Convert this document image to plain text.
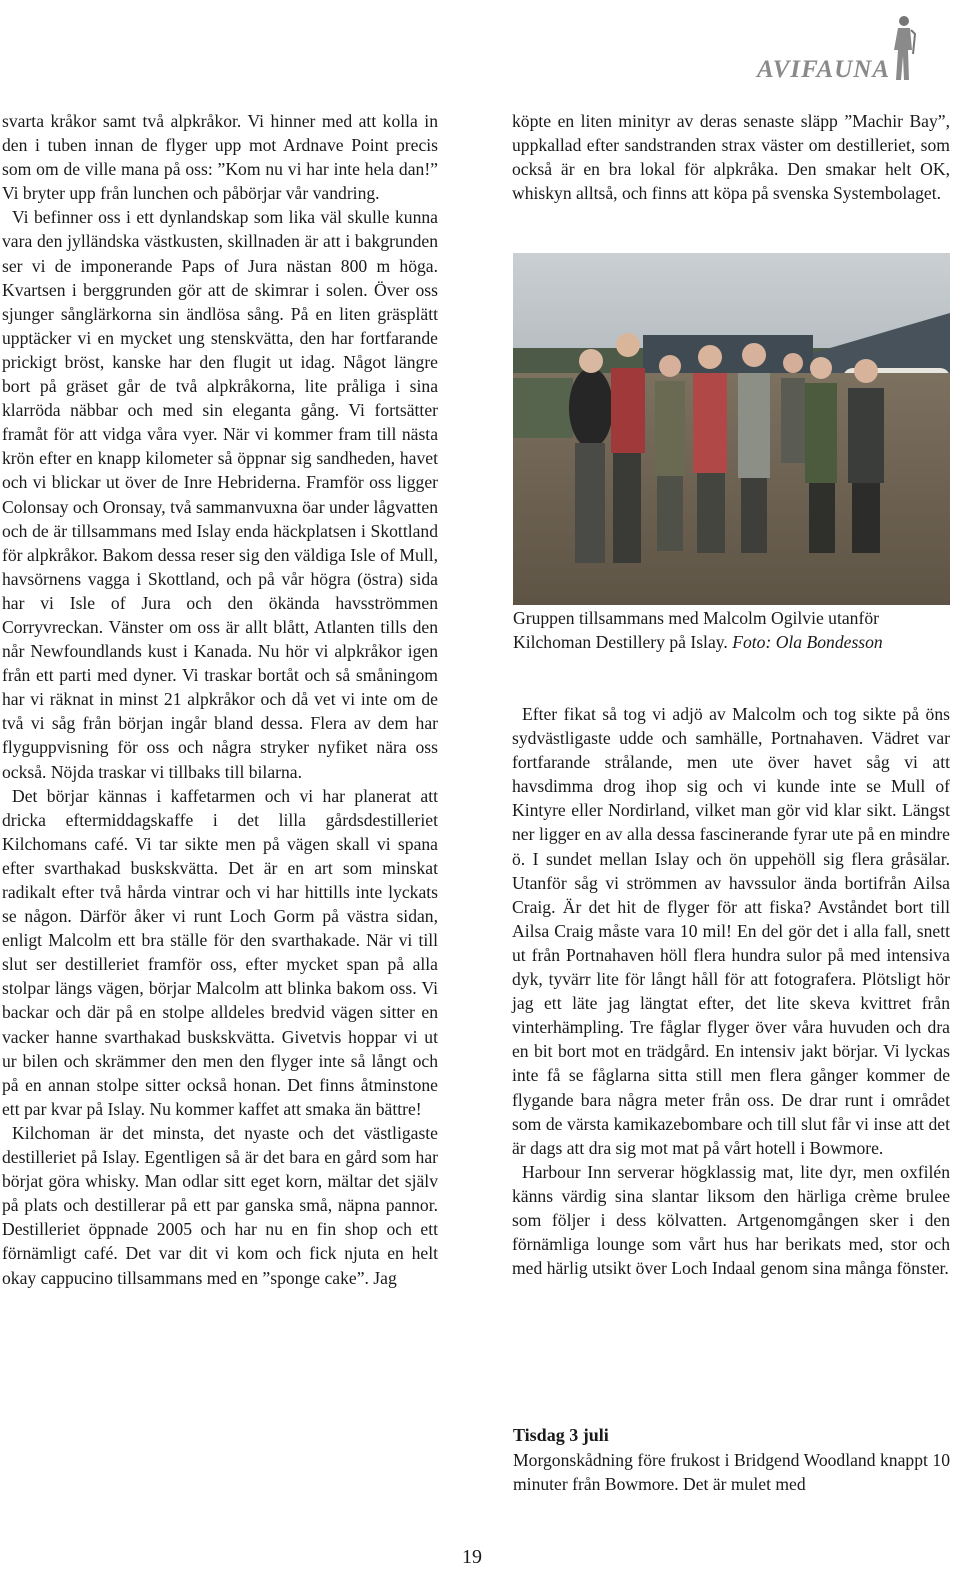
AVIFAUNA

svarta kråkor samt två alpkråkor. Vi hinner med att kolla in den i tuben innan de flyger upp mot Ardnave Point precis som om de ville mana på oss: ”Kom nu vi har inte hela dan!” Vi bryter upp från lunchen och påbörjar vår vandring.

Vi befinner oss i ett dynlandskap som lika väl skulle kunna vara den jylländska västkusten, skillnaden är att i bakgrunden ser vi de imponerande Paps of Jura nästan 800 m höga. Kvartsen i berggrunden gör att de skimrar i solen. Över oss sjunger sånglärkorna sin ändlösa sång. På en liten gräsplätt upptäcker vi en mycket ung stenskvätta, den har fortfarande prickigt bröst, kanske har den flugit ut idag. Något längre bort på gräset går de två alpkråkorna, lite pråliga i sina klarröda näbbar och med sin eleganta gång. Vi fortsätter framåt för att vidga våra vyer. När vi kommer fram till nästa krön efter en knapp kilometer så öppnar sig sandheden, havet och vi blickar ut över de Inre Hebriderna. Framför oss ligger Colonsay och Oronsay, två sammanvuxna öar under lågvatten och de är tillsammans med Islay enda häckplatsen i Skottland för alpkråkor. Bakom dessa reser sig den väldiga Isle of Mull, havsörnens vagga i Skottland, och på vår högra (östra) sida har vi Isle of Jura och den ökända havsströmmen Corryvreckan. Vänster om oss är allt blått, Atlanten tills den når Newfoundlands kust i Kanada. Nu hör vi alpkråkor igen från ett parti med dyner. Vi traskar bortåt och så småningom har vi räknat in minst 21 alpkråkor och då vet vi inte om de två vi såg från början ingår bland dessa. Flera av dem har flyguppvisning för oss och några stryker nyfiket nära oss också. Nöjda traskar vi tillbaks till bilarna.

Det börjar kännas i kaffetarmen och vi har planerat att dricka eftermiddagskaffe i det lilla gårdsdestilleriet Kilchomans café. Vi tar sikte men på vägen skall vi spana efter svarthakad buskskvätta. Det är en art som minskat radikalt efter två hårda vintrar och vi har hittills inte lyckats se någon. Därför åker vi runt Loch Gorm på västra sidan, enligt Malcolm ett bra ställe för den svarthakade. När vi till slut ser destilleriet framför oss, efter mycket span på alla stolpar längs vägen, börjar Malcolm att blinka bakom oss. Vi backar och där på en stolpe alldeles bredvid vägen sitter en vacker hanne svarthakad buskskvätta. Givetvis hoppar vi ut ur bilen och skrämmer den men den flyger inte så långt och på en annan stolpe sitter också honan. Det finns åtminstone ett par kvar på Islay. Nu kommer kaffet att smaka än bättre!

Kilchoman är det minsta, det nyaste och det västligaste destilleriet på Islay. Egentligen så är det bara en gård som har börjat göra whisky. Man odlar sitt eget korn, mältar det själv på plats och destillerar på ett par ganska små, näpna pannor. Destilleriet öppnade 2005 och har nu en fin shop och ett förnämligt café. Det var dit vi kom och fick njuta en helt okay cappucino tillsammans med en ”sponge cake”. Jag

köpte en liten minityr av deras senaste släpp ”Machir Bay”, uppkallad efter sandstranden strax väster om destilleriet, som också är en bra lokal för alpkråka. Den smakar helt OK, whiskyn alltså, och finns att köpa på svenska Systembolaget.

Gruppen tillsammans med Malcolm Ogilvie utanför Kilchoman Destillery på Islay. Foto: Ola Bondesson

Efter fikat så tog vi adjö av Malcolm och tog sikte på öns sydvästligaste udde och samhälle, Portnahaven. Vädret var fortfarande strålande, men ute över havet såg vi att havsdimma drog ihop sig och vi kunde inte se Mull of Kintyre eller Nordirland, vilket man gör vid klar sikt. Längst ner ligger en av alla dessa fascinerande fyrar ute på en mindre ö. I sundet mellan Islay och ön uppehöll sig flera gråsälar. Utanför såg vi strömmen av havssulor ända bortifrån Ailsa Craig. Är det hit de flyger för att fiska? Avståndet bort till Ailsa Craig måste vara 10 mil! En del gör det i alla fall, snett ut från Portnahaven höll flera hundra sulor på med intensiva dyk, tyvärr lite för långt håll för att fotografera. Plötsligt hör jag ett läte jag längtat efter, det lite skeva kvittret från vinterhämpling. Tre fåglar flyger över våra huvuden och dra en bit bort mot en trädgård. En intensiv jakt börjar. Vi lyckas inte få se fåglarna sitta still men flera gånger kommer de flygande bara några meter från oss. De drar runt i området som de värsta kamikazebombare och till slut får vi inse att det är dags att dra sig mot mat på vårt hotell i Bowmore.

Harbour Inn serverar högklassig mat, lite dyr, men oxfilén känns värdig sina slantar liksom den härliga crème brulee som följer i dess kölvatten. Artgenomgången sker i den förnämliga lounge som vårt hus har berikats med, stor och med härlig utsikt över Loch Indaal genom sina många fönster.

Tisdag 3 juli
Morgonskådning före frukost i Bridgend Woodland knappt 10 minuter från Bowmore. Det är mulet med
19
